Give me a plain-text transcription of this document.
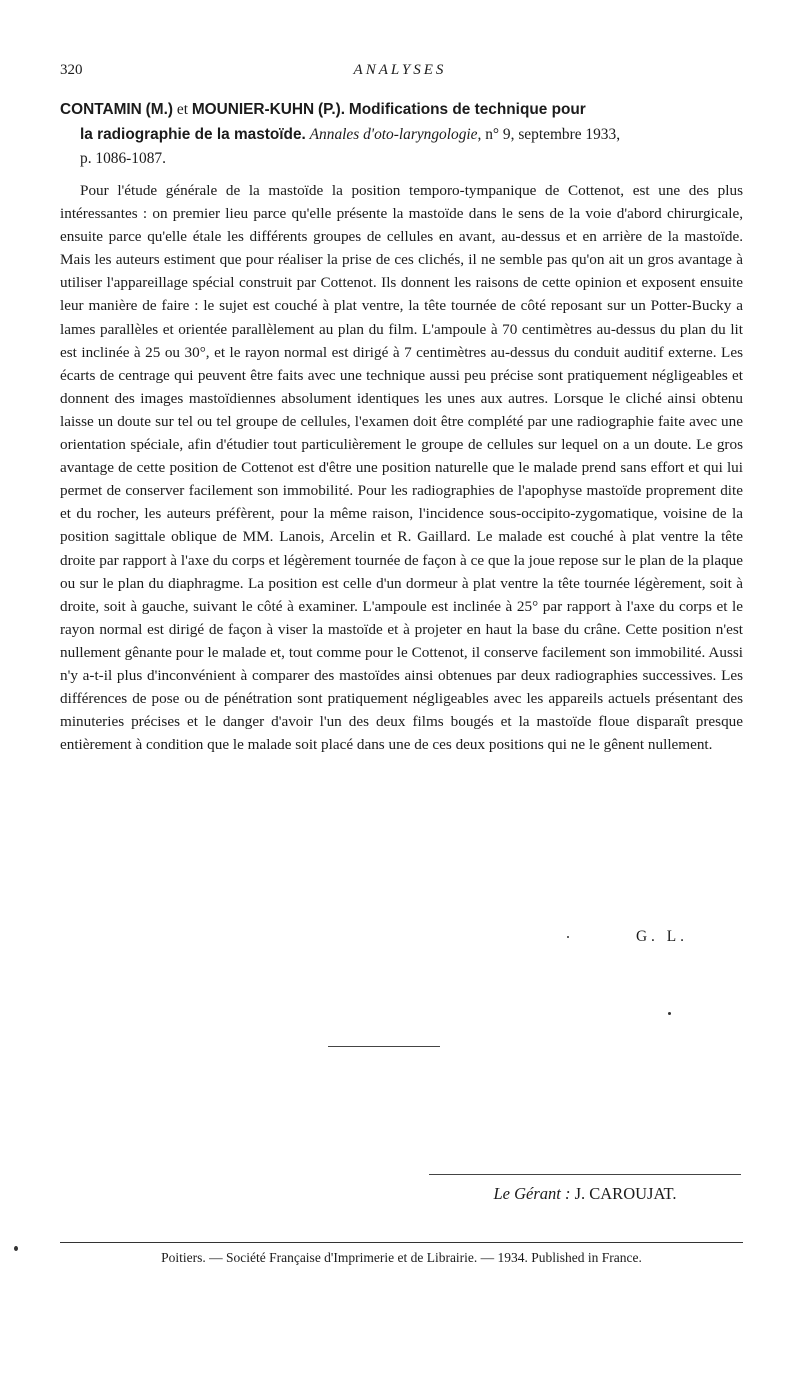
320	ANALYSES
CONTAMIN (M.) et MOUNIER-KUHN (P.). Modifications de technique pour
la radiographie de la mastoïde. Annales d'oto-laryngologie, n° 9, septembre 1933,
p. 1086-1087.

Pour l'étude générale de la mastoïde la position temporo-tympanique de Cottenot, est une des plus intéressantes : on premier lieu parce qu'elle présente la mastoïde dans le sens de la voie d'abord chirurgicale, ensuite parce qu'elle étale les différents groupes de cellules en avant, au-dessus et en arrière de la mastoïde. Mais les auteurs estiment que pour réaliser la prise de ces clichés, il ne semble pas qu'on ait un gros avantage à utiliser l'appareillage spécial construit par Cottenot. Ils donnent les raisons de cette opinion et exposent ensuite leur manière de faire : le sujet est couché à plat ventre, la tête tournée de côté reposant sur un Potter-Bucky a lames parallèles et orientée parallèlement au plan du film. L'ampoule à 70 centimètres au-dessus du plan du lit est inclinée à 25 ou 30°, et le rayon normal est dirigé à 7 centimètres au-dessus du conduit auditif externe. Les écarts de centrage qui peuvent être faits avec une technique aussi peu précise sont pratiquement négligeables et donnent des images mastoïdiennes absolument identiques les unes aux autres. Lorsque le cliché ainsi obtenu laisse un doute sur tel ou tel groupe de cellules, l'examen doit être complété par une radiographie faite avec une orientation spéciale, afin d'étudier tout particulièrement le groupe de cellules sur lequel on a un doute. Le gros avantage de cette position de Cottenot est d'être une position naturelle que le malade prend sans effort et qui lui permet de conserver facilement son immobilité. Pour les radiographies de l'apophyse mastoïde proprement dite et du rocher, les auteurs préfèrent, pour la même raison, l'incidence sous-occipito-zygomatique, voisine de la position sagittale oblique de MM. Lanois, Arcelin et R. Gaillard. Le malade est couché à plat ventre la tête droite par rapport à l'axe du corps et légèrement tournée de façon à ce que la joue repose sur le plan de la plaque ou sur le plan du diaphragme. La position est celle d'un dormeur à plat ventre la tête tournée légèrement, soit à droite, soit à gauche, suivant le côté à examiner. L'ampoule est inclinée à 25° par rapport à l'axe du corps et le rayon normal est dirigé de façon à viser la mastoïde et à projeter en haut la base du crâne. Cette position n'est nullement gênante pour le malade et, tout comme pour le Cottenot, il conserve facilement son immobilité. Aussi n'y a-t-il plus d'inconvénient à comparer des mastoïdes ainsi obtenues par deux radiographies successives. Les différences de pose ou de pénétration sont pratiquement négligeables avec les appareils actuels présentant des minuteries précises et le danger d'avoir l'un des deux films bougés et la mastoïde floue disparaît presque entièrement à condition que le malade soit placé dans une de ces deux positions qui ne le gênent nullement.

G. L.
Le Gérant : J. CAROUJAT.
Poitiers. — Société Française d'Imprimerie et de Librairie. — 1934. Published in France.
